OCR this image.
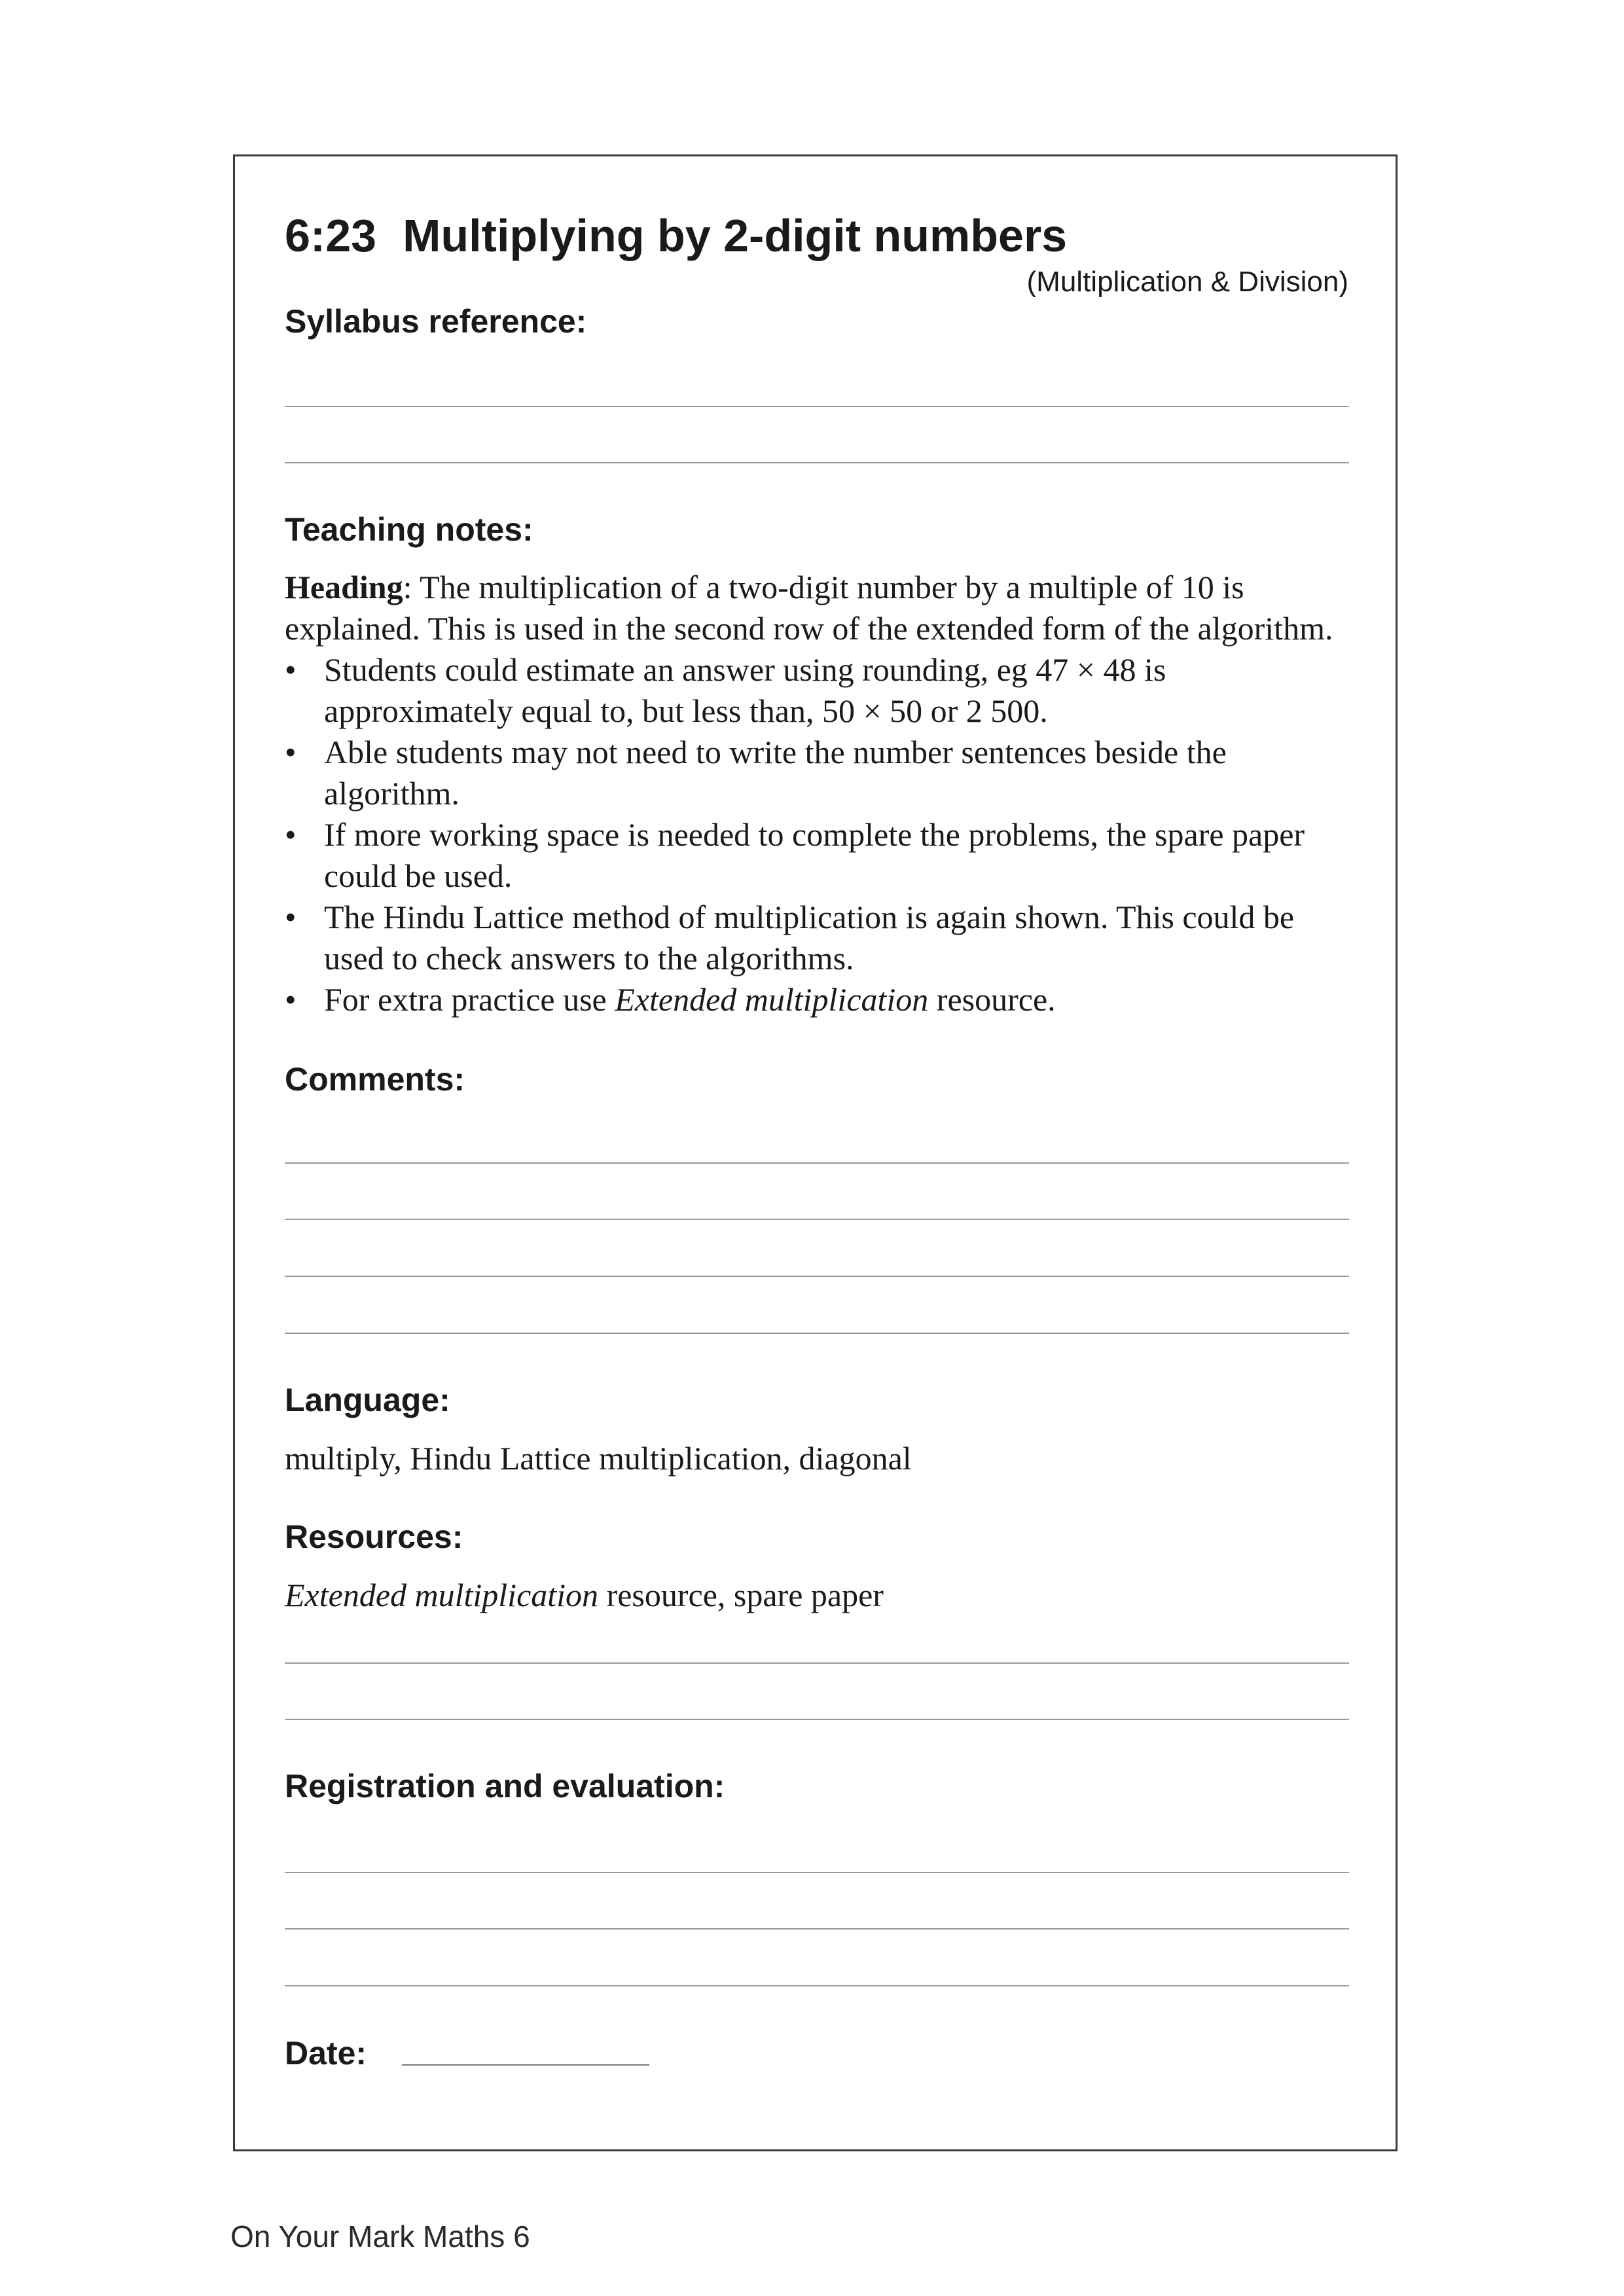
6:23 Multiplying by 2-digit numbers
(Multiplication & Division)
Syllabus reference:
Teaching notes:

Heading: The multiplication of a two-digit number by a multiple of 10 is explained. This is used in the second row of the extended form of the algorithm.

• Students could estimate an answer using rounding, eg 47 × 48 is approximately equal to, but less than, 50 × 50 or 2 500.
• Able students may not need to write the number sentences beside the algorithm.
• If more working space is needed to complete the problems, the spare paper could be used.
• The Hindu Lattice method of multiplication is again shown. This could be used to check answers to the algorithms.
• For extra practice use Extended multiplication resource.
Comments:
Language:
multiply, Hindu Lattice multiplication, diagonal
Resources:
Extended multiplication resource, spare paper
Registration and evaluation:
Date:
On Your Mark Maths 6
